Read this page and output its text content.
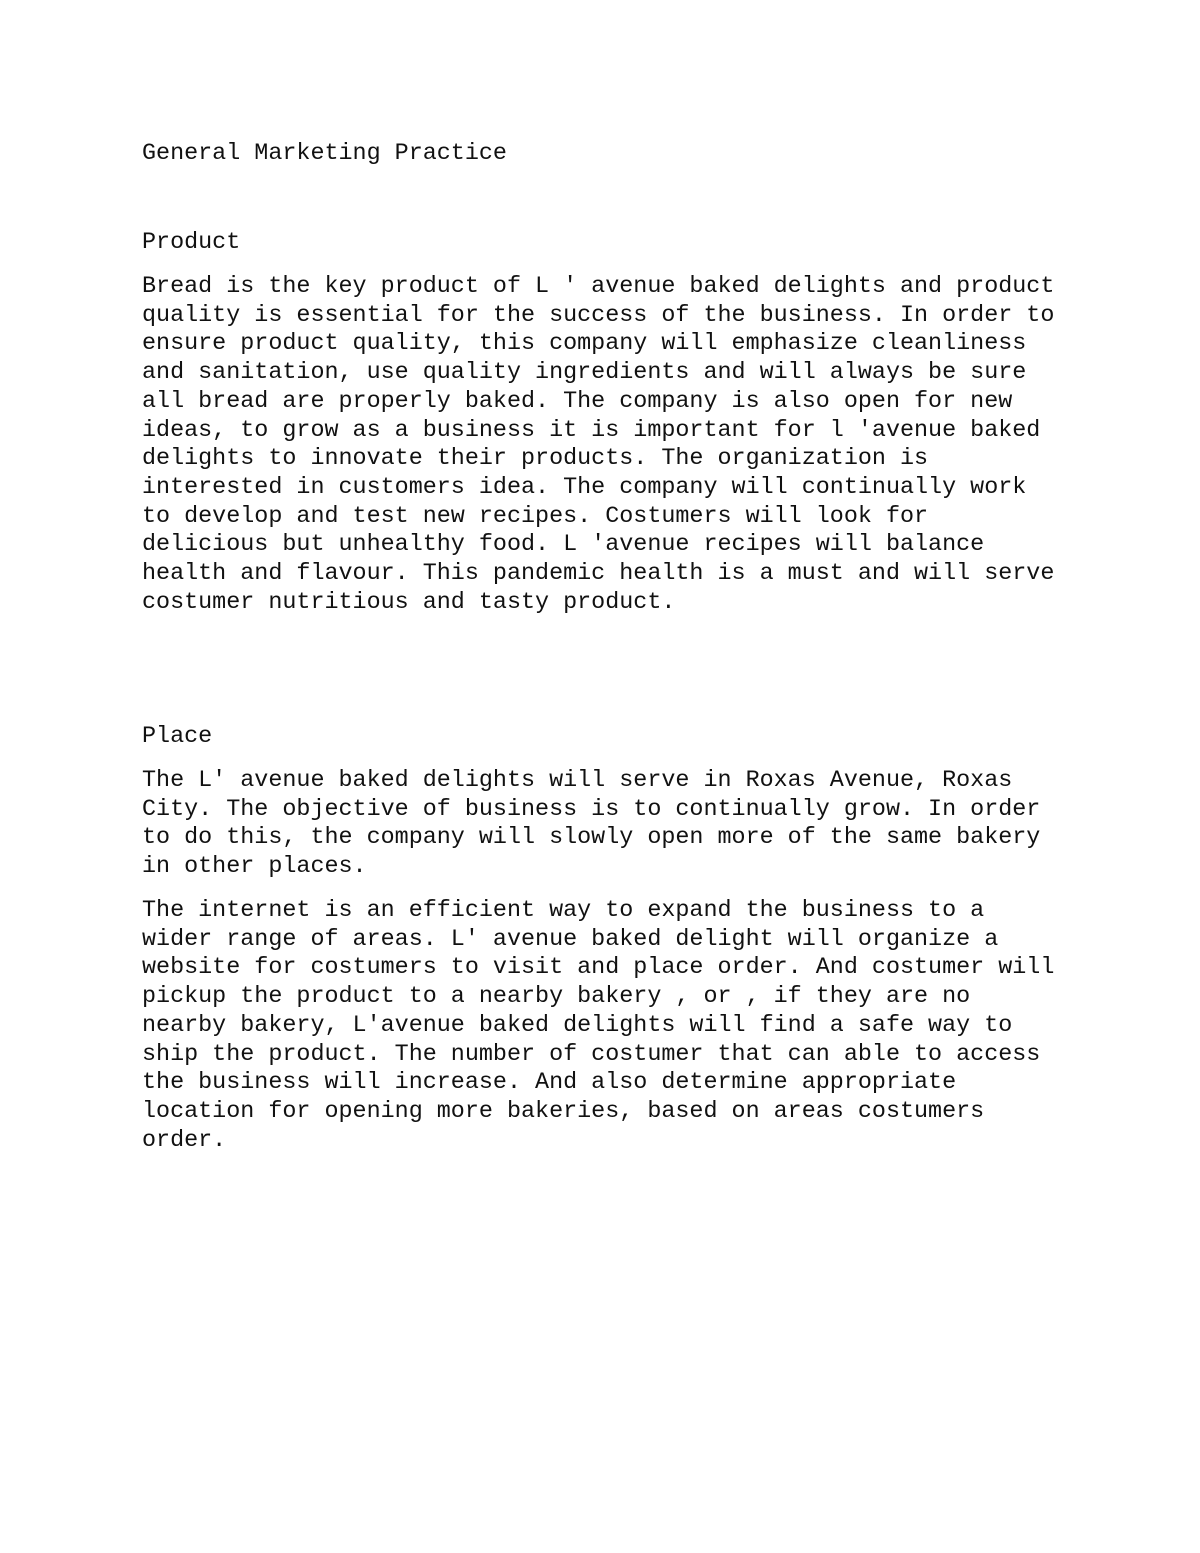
General Marketing Practice

Product

Bread is the key product of L ' avenue baked delights and product
quality is essential for the success of the business. In order to
ensure product quality, this company will emphasize cleanliness
and sanitation, use quality ingredients and will always be sure
all bread are properly baked. The company is also open for new
ideas, to grow as a business it is important for l 'avenue baked
delights to innovate their products. The organization is
interested in customers idea. The company will continually work
to develop and test new recipes. Costumers will look for
delicious but unhealthy food. L 'avenue recipes will balance
health and flavour. This pandemic health is a must and will serve
costumer nutritious and tasty product.

Place

The L' avenue baked delights will serve in Roxas Avenue, Roxas
City. The objective of business is to continually grow. In order
to do this, the company will slowly open more of the same bakery
in other places.

The internet is an efficient way to expand the business to a
wider range of areas. L' avenue baked delight will organize a
website for costumers to visit and place order. And costumer will
pickup the product to a nearby bakery , or , if they are no
nearby bakery, L'avenue baked delights will find a safe way to
ship the product. The number of costumer that can able to access
the business will increase. And also determine appropriate
location for opening more bakeries, based on areas costumers
order.
